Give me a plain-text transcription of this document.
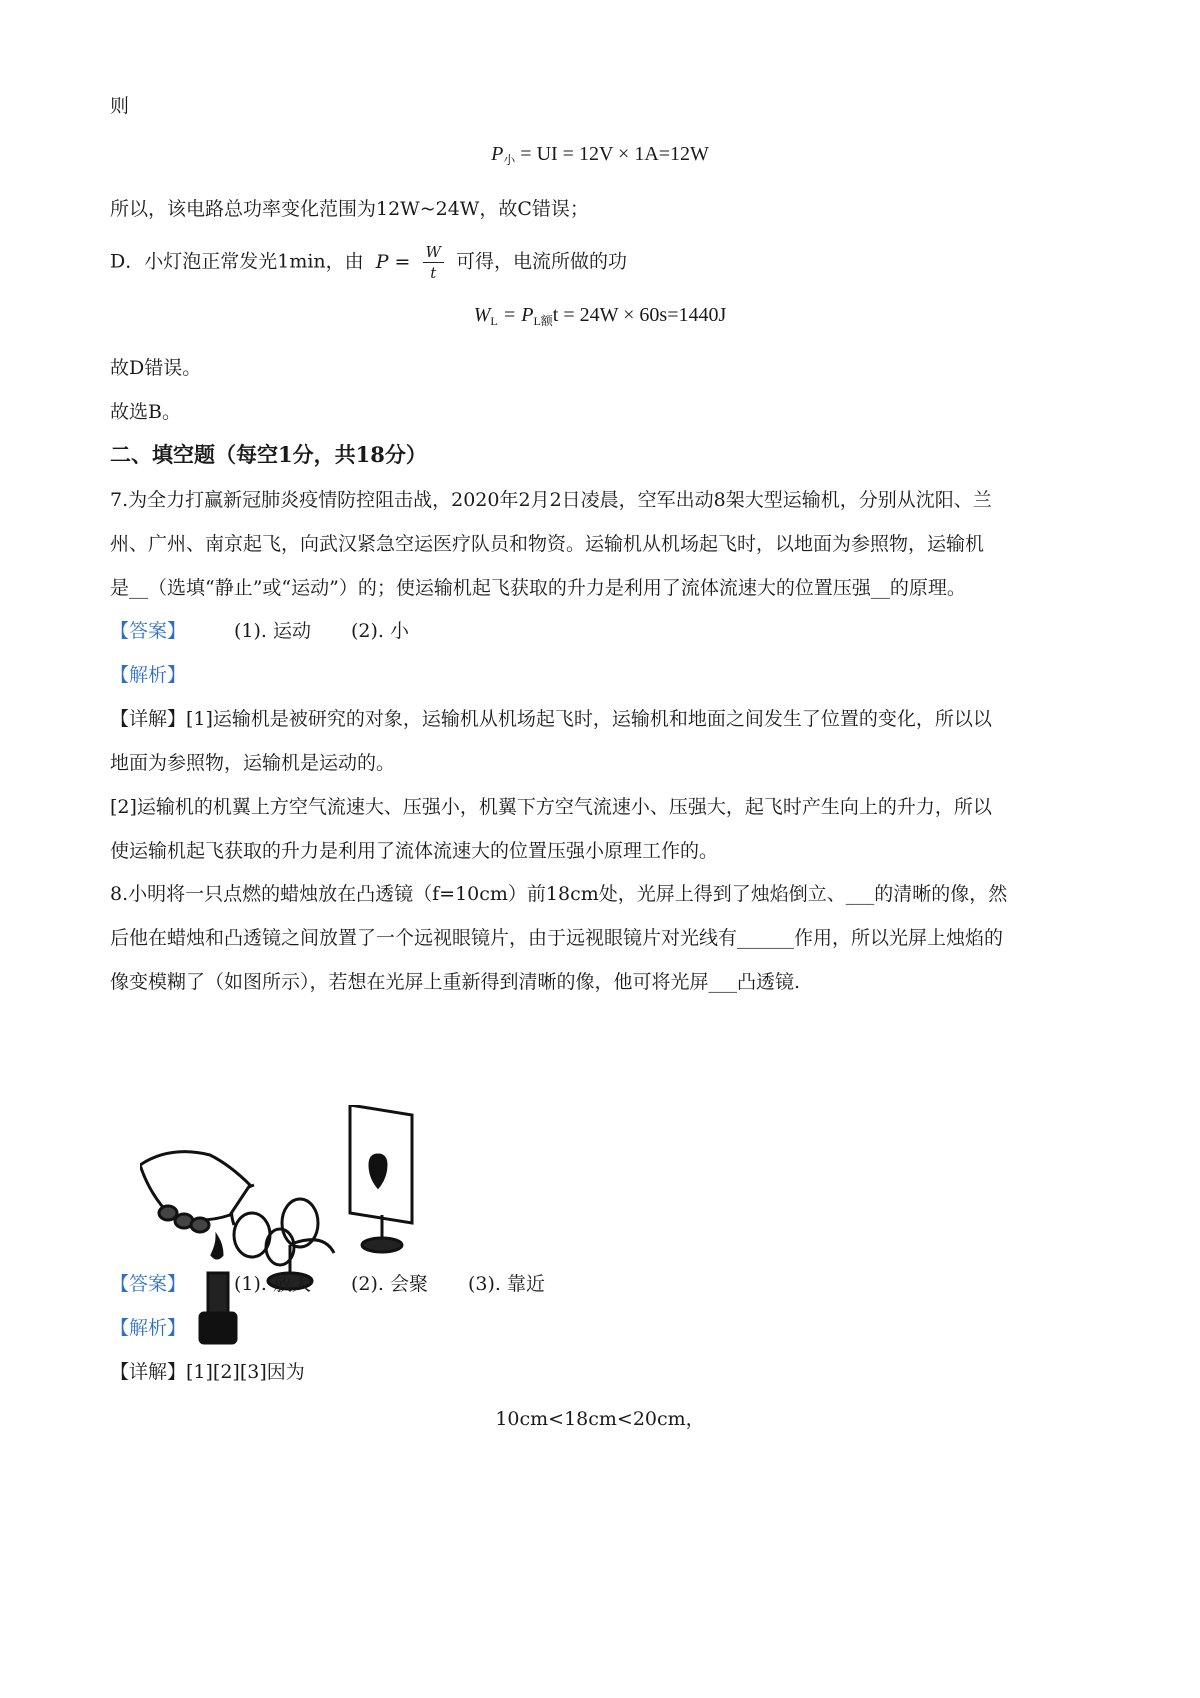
则
$P_小$ = UI = 12V × 1A=12W
所以，该电路总功率变化范围为12W~24W，故C错误；
D．小灯泡正常发光1min，由 $P = \frac{W}{t}$ 可得，电流所做的功
$W_L = P_{L额}t = 24W \times 60s=1440J$
故D错误。
故选B。
二、填空题（每空1分，共18分）
7.为全力打赢新冠肺炎疫情防控阻击战，2020年2月2日凌晨，空军出动8架大型运输机，分别从沈阳、兰
州、广州、南京起飞，向武汉紧急空运医疗队员和物资。运输机从机场起飞时，以地面为参照物，运输机
是__（选填“静止”或“运动”）的；使运输机起飞获取的升力是利用了流体流速大的位置压强__的原理。
【答案】	(1). 运动 (2). 小
【解析】
【详解】[1]运输机是被研究的对象，运输机从机场起飞时，运输机和地面之间发生了位置的变化，所以以
地面为参照物，运输机是运动的。
[2]运输机的机翼上方空气流速大、压强小，机翼下方空气流速小、压强大，起飞时产生向上的升力，所以
使运输机起飞获取的升力是利用了流体流速大的位置压强小原理工作的。
8.小明将一只点燃的蜡烛放在凸透镜（f=10cm）前18cm处，光屏上得到了烛焰倒立、___的清晰的像，然
后他在蜡烛和凸透镜之间放置了一个远视眼镜片，由于远视眼镜片对光线有______作用，所以光屏上烛焰的
像变模糊了（如图所示），若想在光屏上重新得到清晰的像，他可将光屏___凸透镜.
【答案】	(1). 放大 (2). 会聚 (3). 靠近
【解析】
【详解】[1][2][3]因为
10cm<18cm<20cm，
